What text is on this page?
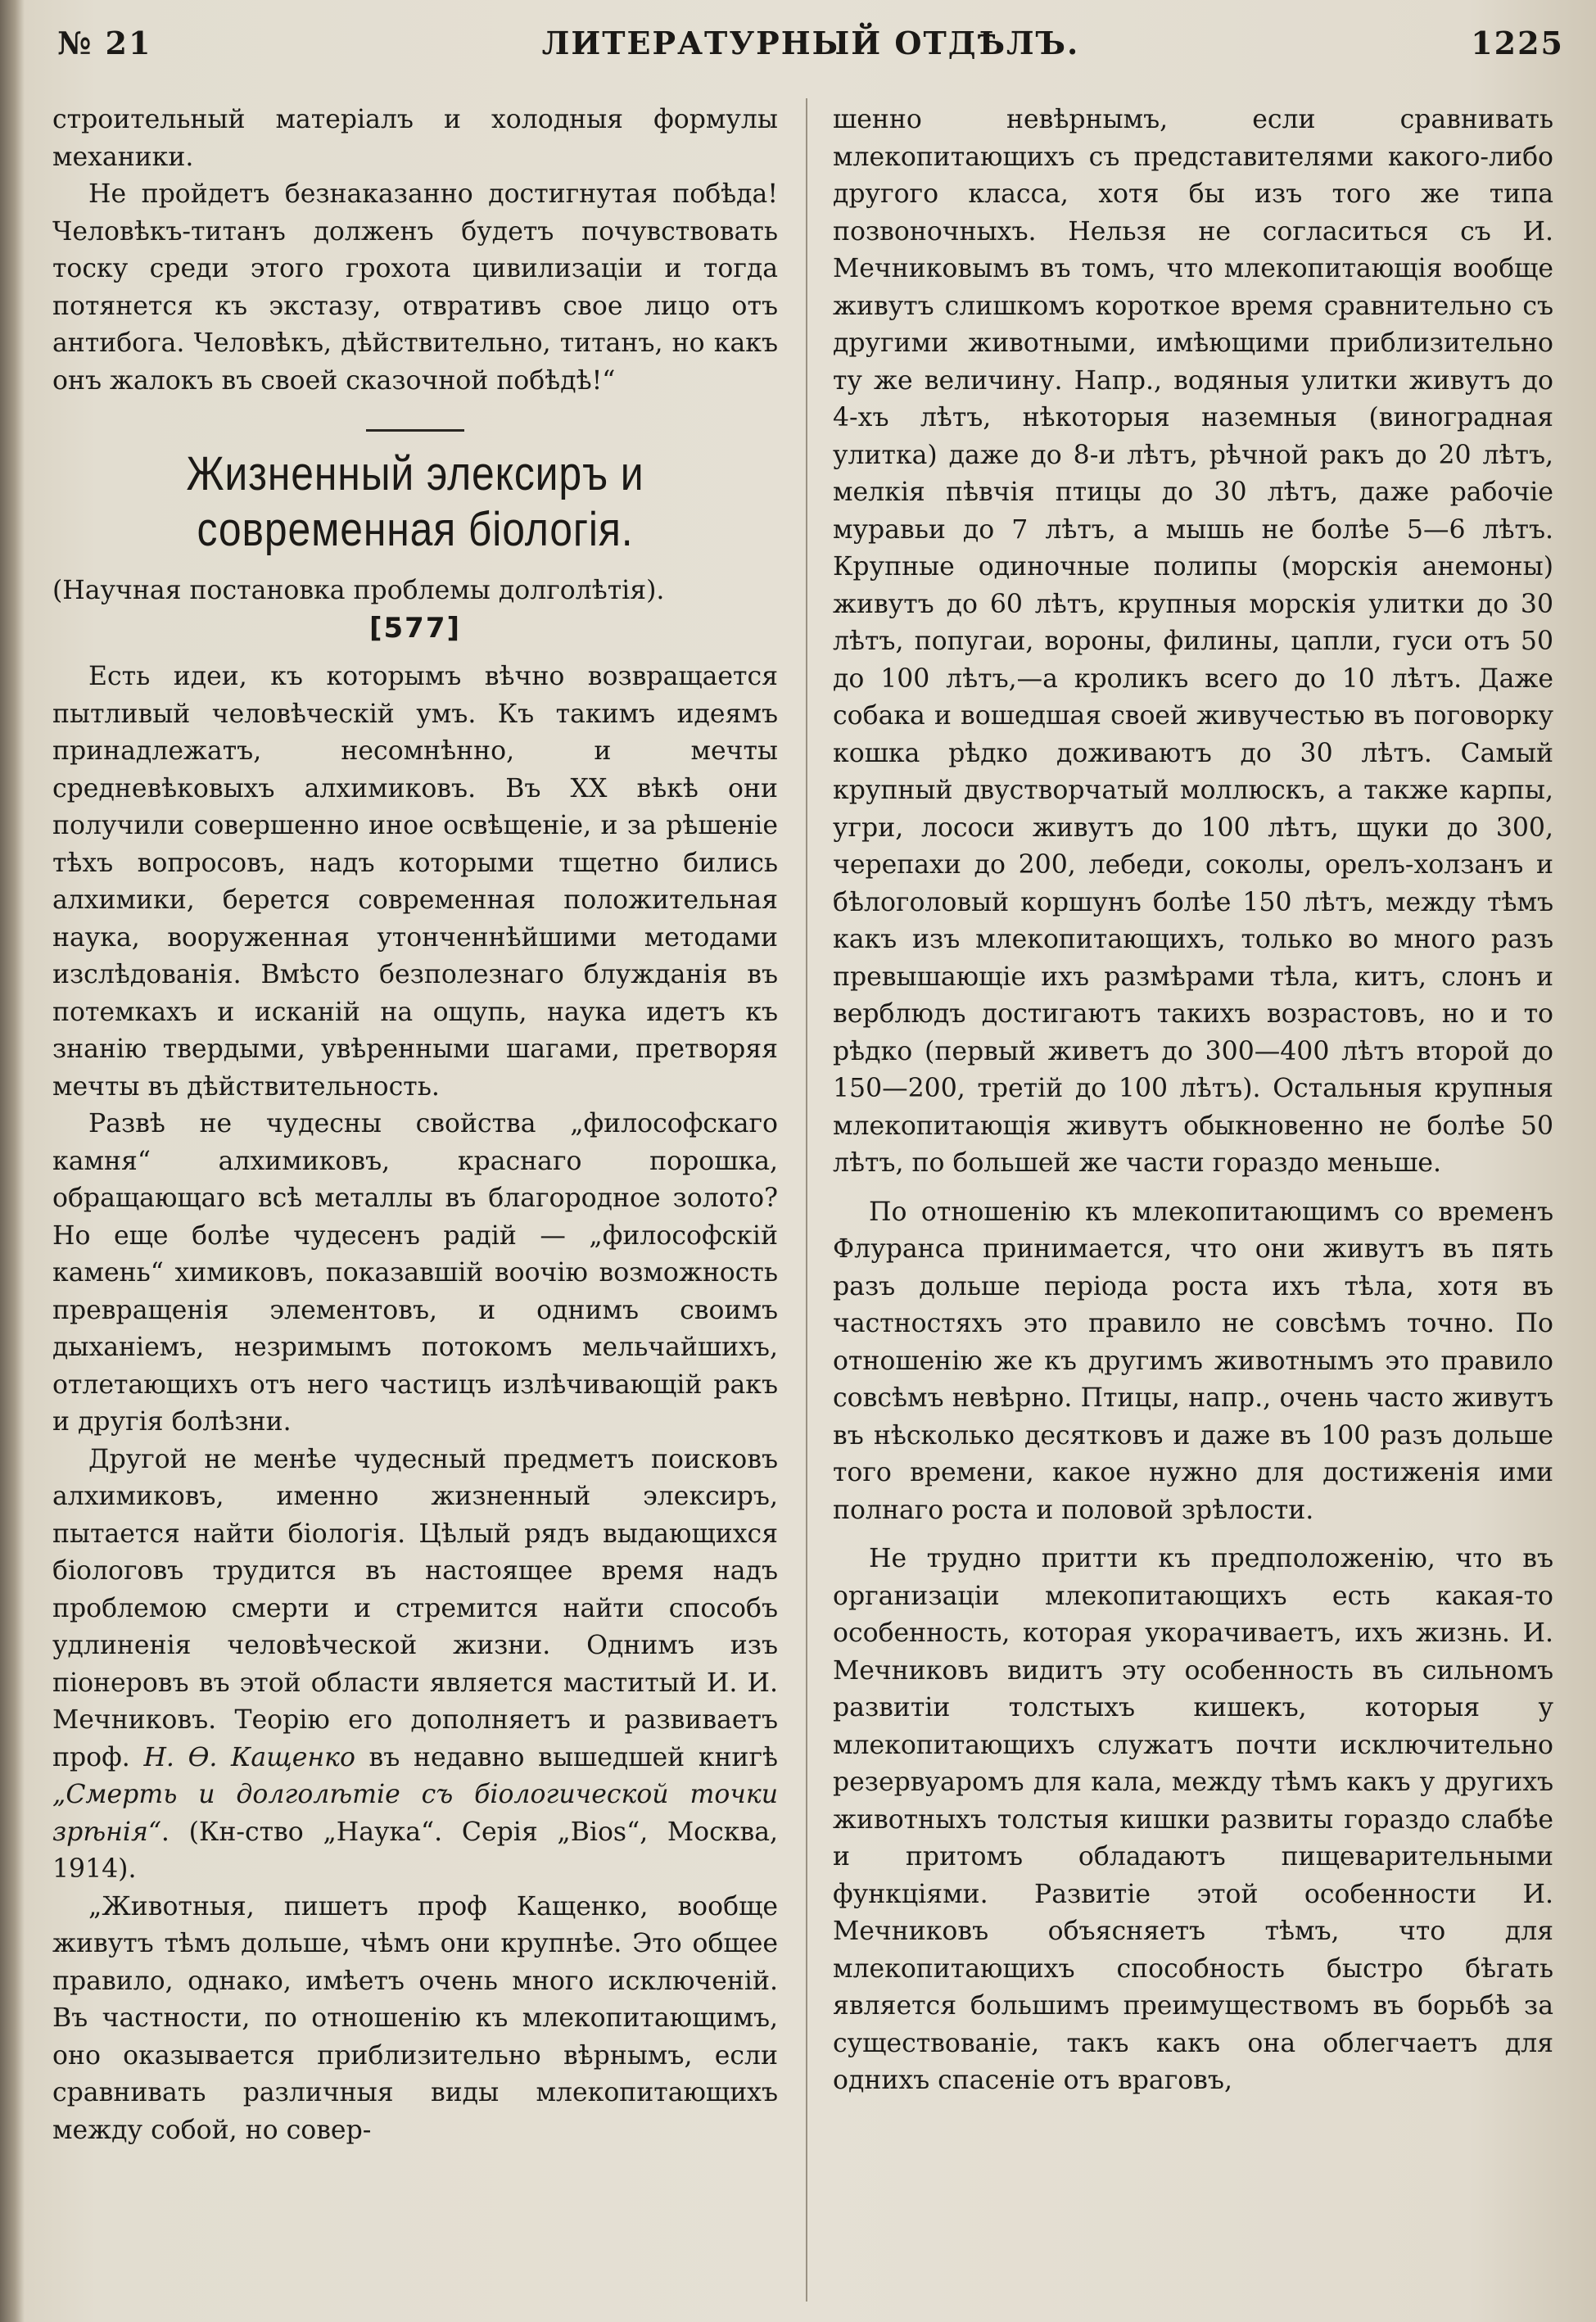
ЛИТЕРАТУРНЫЙ ОТДѢЛЪ.
№ 21	1225

строительный матеріалъ и холодныя формулы механики.

Не пройдетъ безнаказанно достигнутая побѣда! Человѣкъ-титанъ долженъ будетъ почувствовать тоску среди этого грохота цивилизаціи и тогда потянется къ экстазу, отвративъ свое лицо отъ антибога. Человѣкъ, дѣйствительно, титанъ, но какъ онъ жалокъ въ своей сказочной побѣдѣ!“

Жизненный элексиръ и современная біологія.

(Научная постановка проблемы долголѣтія).

[577]

Есть идеи, къ которымъ вѣчно возвращается пытливый человѣческій умъ. Къ такимъ идеямъ принадлежатъ, несомнѣнно, и мечты средневѣковыхъ алхимиковъ. Въ XX вѣкѣ они получили совершенно иное освѣщеніе, и за рѣшеніе тѣхъ вопросовъ, надъ которыми тщетно бились алхимики, берется современная положительная наука, вооруженная утонченнѣйшими методами изслѣдованія. Вмѣсто безполезнаго блужданія въ потемкахъ и исканій на ощупь, наука идетъ къ знанію твердыми, увѣренными шагами, претворяя мечты въ дѣйствительность.

Развѣ не чудесны свойства „философскаго камня“ алхимиковъ, краснаго порошка, обращающаго всѣ металлы въ благородное золото? Но еще болѣе чудесенъ радій — „философскій камень“ химиковъ, показавшій воочію возможность превращенія элементовъ, и однимъ своимъ дыханіемъ, незримымъ потокомъ мельчайшихъ, отлетающихъ отъ него частицъ излѣчивающій ракъ и другія болѣзни.

Другой не менѣе чудесный предметъ поисковъ алхимиковъ, именно жизненный элексиръ, пытается найти біологія. Цѣлый рядъ выдающихся біологовъ трудится въ настоящее время надъ проблемою смерти и стремится найти способъ удлиненія человѣческой жизни. Однимъ изъ піонеровъ въ этой области является маститый И. И. Мечниковъ. Теорію его дополняетъ и развиваетъ проф. Н. Ѳ. Кащенко въ недавно вышедшей книгѣ „Смерть и долголѣтіе съ біологической точки зрѣнія“. (Кн-ство „Наука“. Серія „Bios“, Москва, 1914).

„Животныя, пишетъ проф Кащенко, вообще живутъ тѣмъ дольше, чѣмъ они крупнѣе. Это общее правило, однако, имѣетъ очень много исключеній. Въ частности, по отношенію къ млекопитающимъ, оно оказывается приблизительно вѣрнымъ, если сравнивать различныя виды млекопитающихъ между собой, но совер-

шенно невѣрнымъ, если сравнивать млекопитающихъ съ представителями какого-либо другого класса, хотя бы изъ того же типа позвоночныхъ. Нельзя не согласиться съ И. Мечниковымъ въ томъ, что млекопитающія вообще живутъ слишкомъ короткое время сравнительно съ другими животными, имѣющими приблизительно ту же величину. Напр., водяныя улитки живутъ до 4-хъ лѣтъ, нѣкоторыя наземныя (виноградная улитка) даже до 8-и лѣтъ, рѣчной ракъ до 20 лѣтъ, мелкія пѣвчія птицы до 30 лѣтъ, даже рабочіе муравьи до 7 лѣтъ, а мышь не болѣе 5—6 лѣтъ. Крупные одиночные полипы (морскія анемоны) живутъ до 60 лѣтъ, крупныя морскія улитки до 30 лѣтъ, попугаи, вороны, филины, цапли, гуси отъ 50 до 100 лѣтъ,—а кроликъ всего до 10 лѣтъ. Даже собака и вошедшая своей живучестью въ поговорку кошка рѣдко доживаютъ до 30 лѣтъ. Самый крупный двустворчатый моллюскъ, а также карпы, угри, лососи живутъ до 100 лѣтъ, щуки до 300, черепахи до 200, лебеди, соколы, орелъ-холзанъ и бѣлоголовый коршунъ болѣе 150 лѣтъ, между тѣмъ какъ изъ млекопитающихъ, только во много разъ превышающіе ихъ размѣрами тѣла, китъ, слонъ и верблюдъ достигаютъ такихъ возрастовъ, но и то рѣдко (первый живетъ до 300—400 лѣтъ второй до 150—200, третій до 100 лѣтъ). Остальныя крупныя млекопитающія живутъ обыкновенно не болѣе 50 лѣтъ, по большей же части гораздо меньше.

По отношенію къ млекопитающимъ со временъ Флуранса принимается, что они живутъ въ пять разъ дольше періода роста ихъ тѣла, хотя въ частностяхъ это правило не совсѣмъ точно. По отношенію же къ другимъ животнымъ это правило совсѣмъ невѣрно. Птицы, напр., очень часто живутъ въ нѣсколько десятковъ и даже въ 100 разъ дольше того времени, какое нужно для достиженія ими полнаго роста и половой зрѣлости.

Не трудно притти къ предположенію, что въ организаціи млекопитающихъ есть какая-то особенность, которая укорачиваетъ, ихъ жизнь. И. Мечниковъ видитъ эту особенность въ сильномъ развитіи толстыхъ кишекъ, которыя у млекопитающихъ служатъ почти исключительно резервуаромъ для кала, между тѣмъ какъ у другихъ животныхъ толстыя кишки развиты гораздо слабѣе и притомъ обладаютъ пищеварительными функціями. Развитіе этой особенности И. Мечниковъ объясняетъ тѣмъ, что для млекопитающихъ способность быстро бѣгать является большимъ преимуществомъ въ борьбѣ за существованіе, такъ какъ она облегчаетъ для однихъ спасеніе отъ враговъ,
